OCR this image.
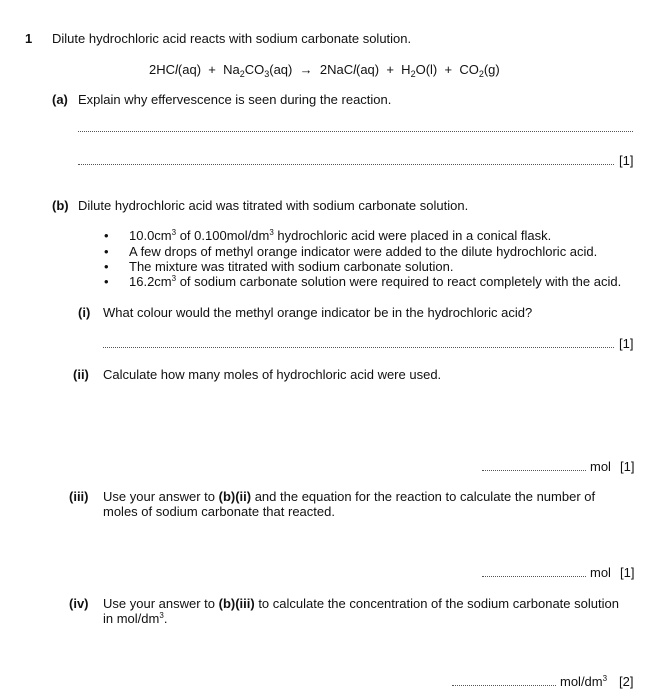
1 Dilute hydrochloric acid reacts with sodium carbonate solution.
$2HCl(aq) + Na_2CO_3(aq)$ → 2NaCl(aq) + $H_2O(l) + CO_2(g)$
(a) Explain why effervescence is seen during the reaction.
[1]
(b) Dilute hydrochloric acid was titrated with sodium carbonate solution.
• $10.0cm^3$ of $0.100mol/dm^3$ hydrochloric acid were placed in a conical flask.
• A few drops of methyl orange indicator were added to the dilute hydrochloric acid.
• The mixture was titrated with sodium carbonate solution.
• $16.2cm^3$ of sodium carbonate solution were required to react completely with the acid.
(i) What colour would the methyl orange indicator be in the hydrochloric acid?
[1]
(ii) Calculate how many moles of hydrochloric acid were used.
mol [1]
(iii) Use your answer to (b)(ii) and the equation for the reaction to calculate the number of
moles of sodium carbonate that reacted.
mol [1]
(iv) Use your answer to (b)(iii) to calculate the concentration of the sodium carbonate solution
in mol/$dm^3$.
mol/$dm^3$ [2]
